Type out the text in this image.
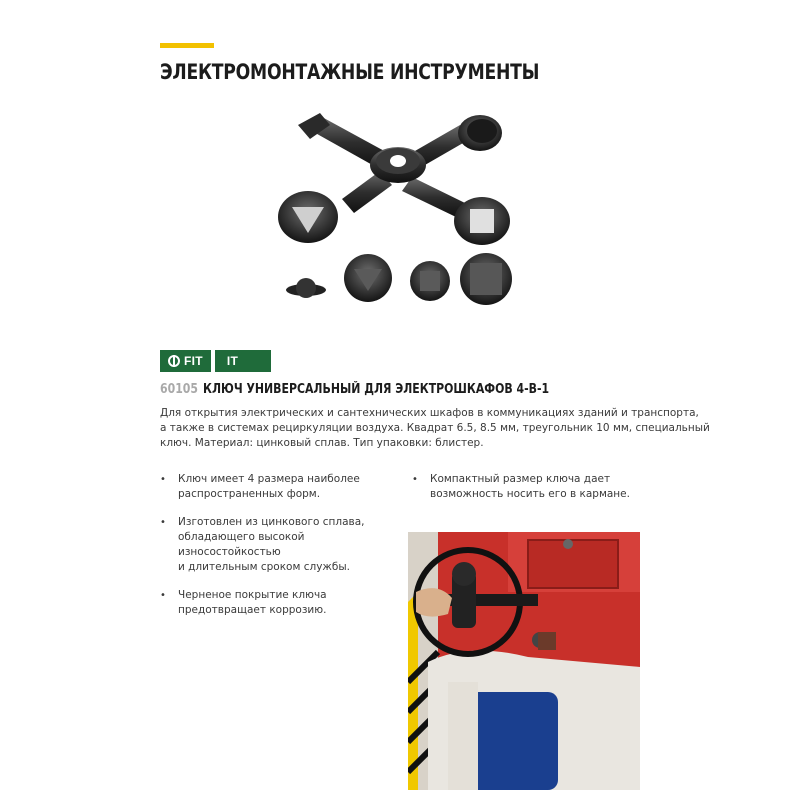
ЭЛЕКТРОМОНТАЖНЫЕ ИНСТРУМЕНТЫ
FIT	IT
60105 КЛЮЧ УНИВЕРСАЛЬНЫЙ ДЛЯ ЭЛЕКТРОШКАФОВ 4-В-1

Для открытия электрических и сантехнических шкафов в коммуникациях зданий и транспорта,

а также в системах рециркуляции воздуха. Квадрат 6.5, 8.5 мм, треугольник 10 мм, специальный

ключ. Материал: цинковый сплав. Тип упаковки: блистер.

• Ключ имеет 4 размера наиболее
распространенных форм.
• Изготовлен из цинкового сплава,
обладающего высокой износостойкостью
и длительным сроком службы.
• Черненое покрытие ключа
предотвращает коррозию.
• Компактный размер ключа дает
возможность носить его в кармане.
